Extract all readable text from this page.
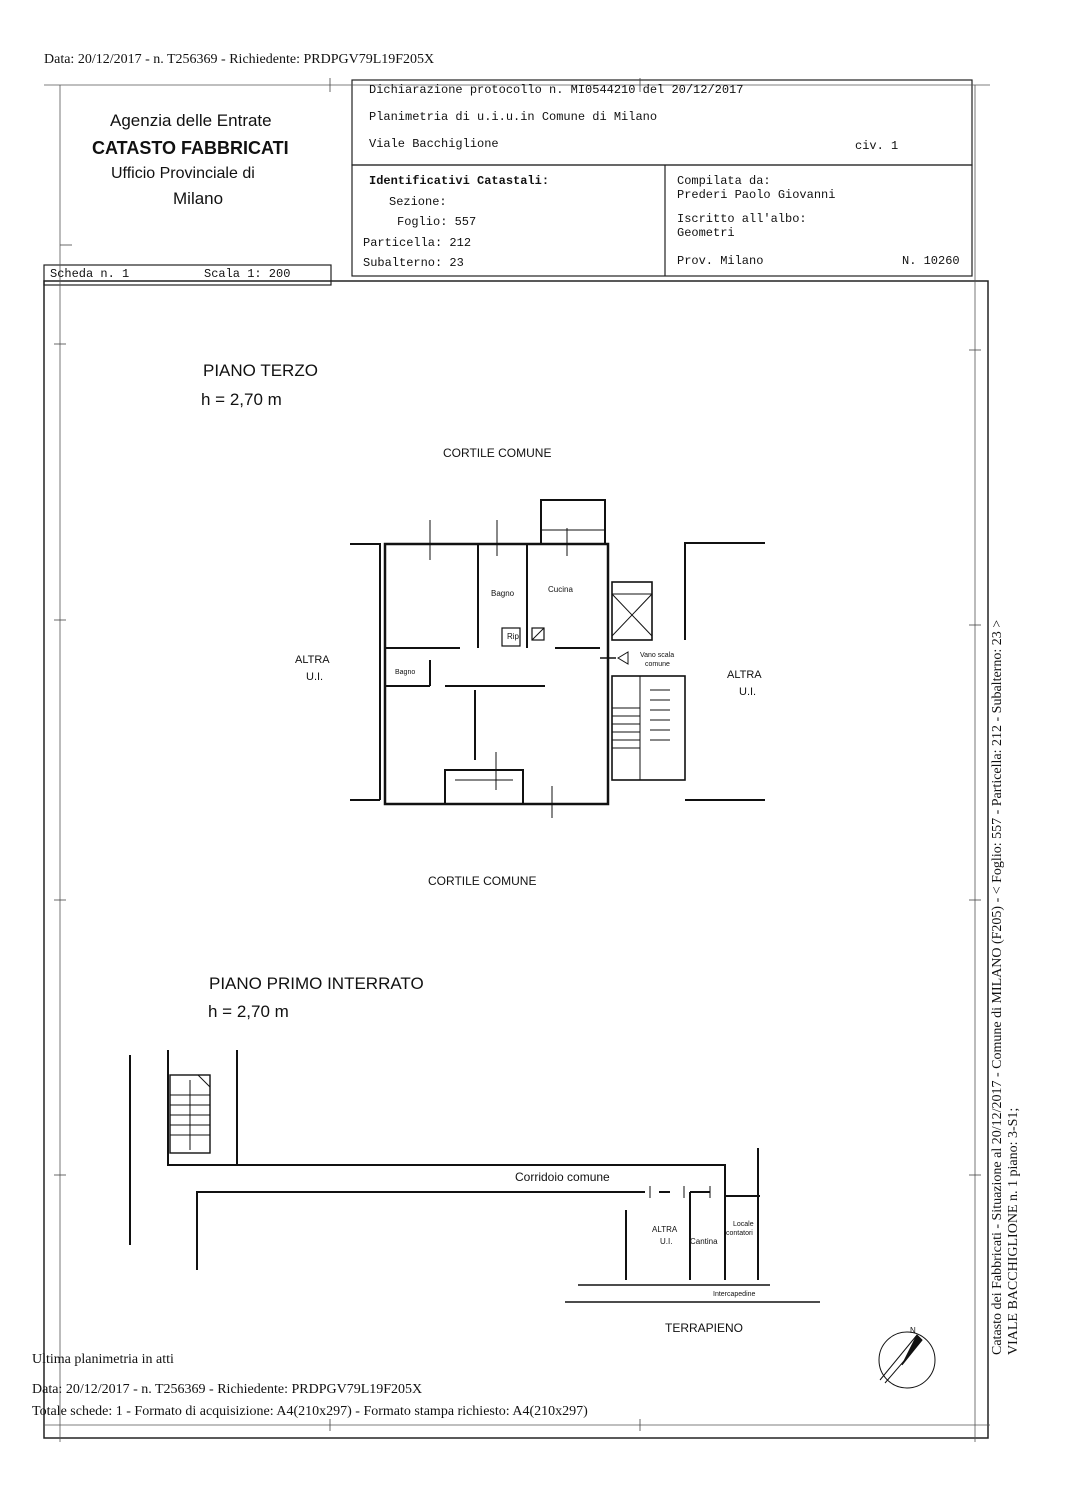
Data: 20/12/2017 - n. T256369 - Richiedente: PRDPGV79L19F205X
Agenzia delle Entrate
CATASTO FABBRICATI
Ufficio Provinciale di
Milano
Dichiarazione protocollo n. MI0544210 del 20/12/2017
Planimetria di u.i.u.in Comune di Milano
Viale Bacchiglione	civ. 1
Identificativi Catastali:
Sezione:
Foglio: 557
Particella: 212
Subalterno: 23
Compilata da:
Prederi Paolo Giovanni
Iscritto all'albo:
Geometri
Prov. Milano	N. 10260
Scheda n. 1	Scala 1: 200
PIANO TERZO
h = 2,70 m
CORTILE COMUNE
CORTILE COMUNE
ALTRA
U.I.	ALTRA
U.I.
Bagno	Cucina
Rip.
Bagno
Vano scala
comune
PIANO PRIMO INTERRATO
h = 2,70 m
Corridoio comune
ALTRA
U.I. Cantina
Locale
contatori
Intercapedine
TERRAPIENO	N	Catasto dei Fabbricati - Situazione al 20/12/2017 - Comune di MILANO (F205) - < Foglio: 557 - Particella: 212 - Subalterno: 23 > VIALE BACCHIGLIONE n. 1 piano: 3-S1;
Ultima planimetria in atti
Data: 20/12/2017 - n. T256369 - Richiedente: PRDPGV79L19F205X
Totale schede: 1 - Formato di acquisizione: A4(210x297) - Formato stampa richiesto: A4(210x297)
